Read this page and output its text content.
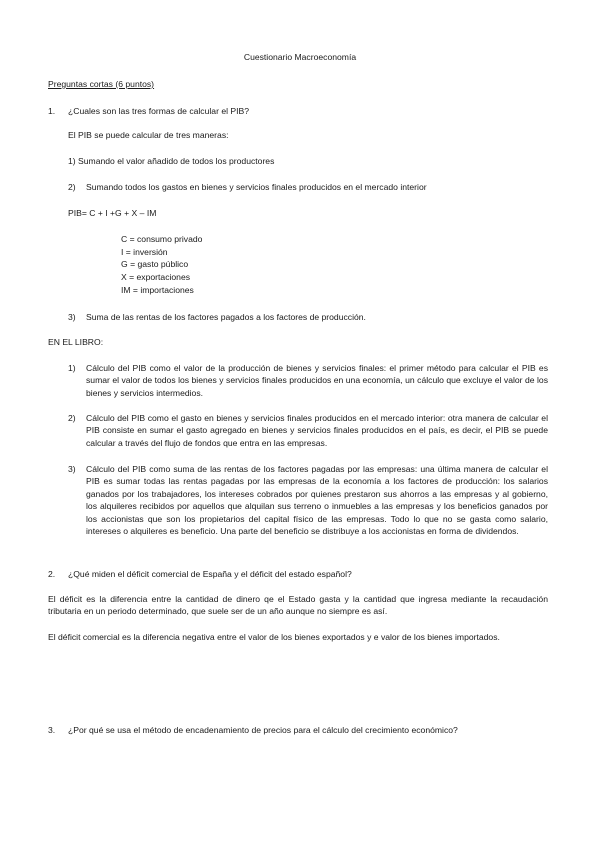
Cuestionario Macroeconomía
Preguntas cortas (6 puntos)
1. ¿Cuales son las tres formas de calcular el PIB?
El PIB se puede calcular de tres maneras:
1) Sumando el valor añadido de todos los productores
2) Sumando todos los gastos en bienes y servicios finales producidos en el mercado interior
PIB= C + I +G + X – IM
C = consumo privado
I = inversión
G = gasto público
X = exportaciones
IM = importaciones
3) Suma de las rentas de los factores pagados a los factores de producción.
EN EL LIBRO:
1) Cálculo del PIB como el valor de la producción de bienes y servicios finales: el primer método para calcular el PIB es sumar el valor de todos los bienes y servicios finales producidos en una economía, un cálculo que excluye el valor de los bienes y servicios intermedios.

2) Cálculo del PIB como el gasto en bienes y servicios finales producidos en el mercado interior: otra manera de calcular el PIB consiste en sumar el gasto agregado en bienes y servicios finales producidos en el país, es decir, el PIB se puede calcular a través del flujo de fondos que entra en las empresas.

3) Cálculo del PIB como suma de las rentas de los factores pagadas por las empresas: una última manera de calcular el PIB es sumar todas las rentas pagadas por las empresas de la economía a los factores de producción: los salarios ganados por los trabajadores, los intereses cobrados por quienes prestaron sus ahorros a las empresas y al gobierno, los alquileres recibidos por aquellos que alquilan sus terreno o inmuebles a las empresas y los beneficios ganados por los accionistas que son los propietarios del capital físico de las empresas. Todo lo que no se gasta como salario, intereses o alquileres es beneficio. Una parte del beneficio se distribuye a los accionistas en forma de dividendos.

2. ¿Qué miden el déficit comercial de España y el déficit del estado español?

El déficit es la diferencia entre la cantidad de dinero qe el Estado gasta y la cantidad que ingresa mediante la recaudación tributaria en un periodo determinado, que suele ser de un año aunque no siempre es así.

El déficit comercial es la diferencia negativa entre el valor de los bienes exportados y e valor de los bienes importados.

3. ¿Por qué se usa el método de encadenamiento de precios para el cálculo del crecimiento económico?
